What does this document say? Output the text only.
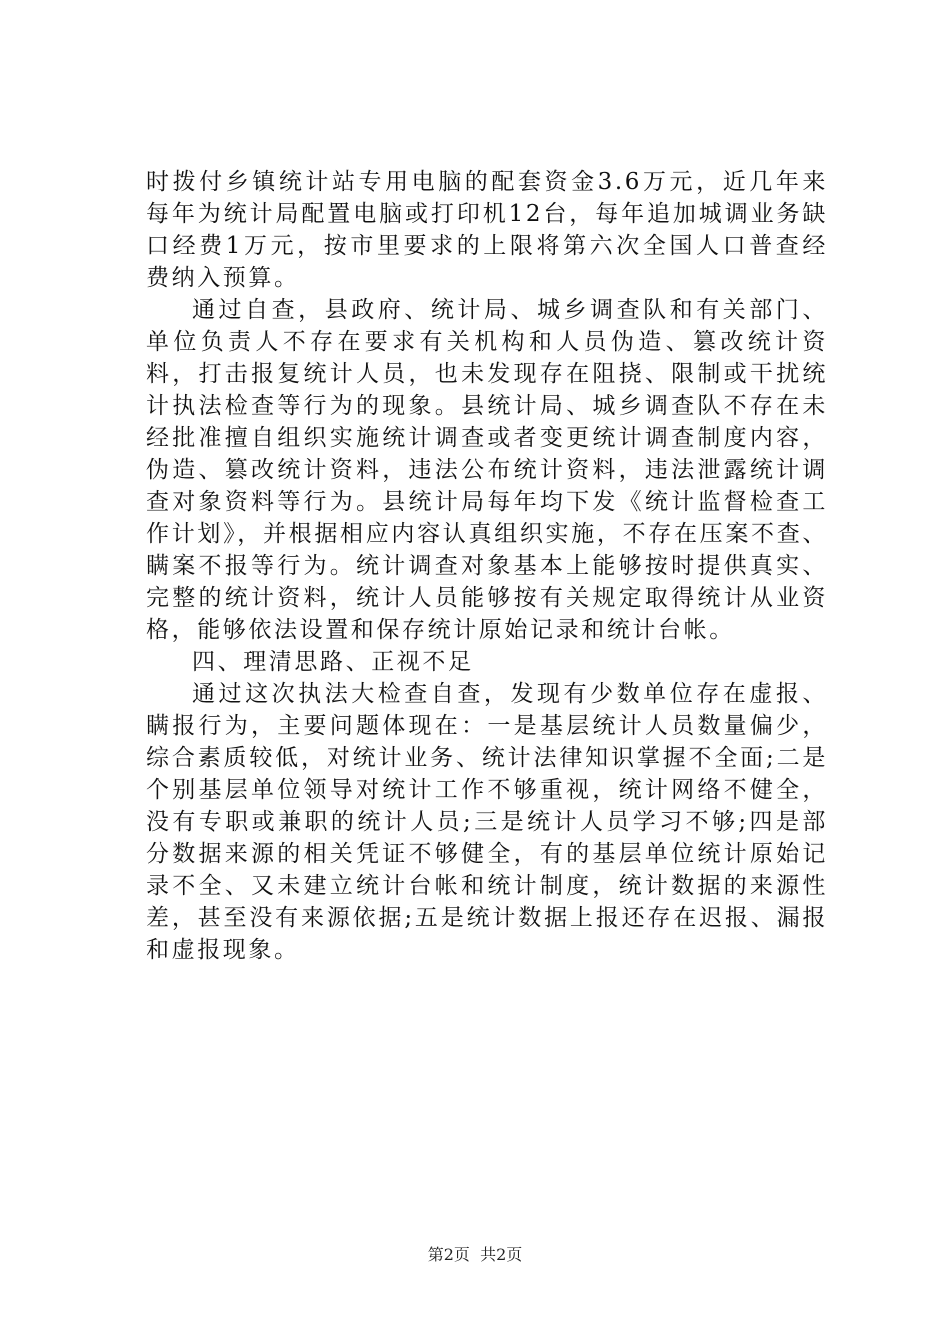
时拨付乡镇统计站专用电脑的配套资金3.6万元，近几年来每年为统计局配置电脑或打印机12台，每年追加城调业务缺口经费1万元，按市里要求的上限将第六次全国人口普查经费纳入预算。

通过自查，县政府、统计局、城乡调查队和有关部门、单位负责人不存在要求有关机构和人员伪造、篡改统计资料，打击报复统计人员，也未发现存在阻挠、限制或干扰统计执法检查等行为的现象。县统计局、城乡调查队不存在未经批准擅自组织实施统计调查或者变更统计调查制度内容，伪造、篡改统计资料，违法公布统计资料，违法泄露统计调查对象资料等行为。县统计局每年均下发《统计监督检查工作计划》，并根据相应内容认真组织实施，不存在压案不查、瞒案不报等行为。统计调查对象基本上能够按时提供真实、完整的统计资料，统计人员能够按有关规定取得统计从业资格，能够依法设置和保存统计原始记录和统计台帐。

四、理清思路、正视不足

通过这次执法大检查自查，发现有少数单位存在虚报、瞒报行为，主要问题体现在：一是基层统计人员数量偏少，综合素质较低，对统计业务、统计法律知识掌握不全面;二是个别基层单位领导对统计工作不够重视，统计网络不健全，没有专职或兼职的统计人员;三是统计人员学习不够;四是部分数据来源的相关凭证不够健全，有的基层单位统计原始记录不全、又未建立统计台帐和统计制度，统计数据的来源性差，甚至没有来源依据;五是统计数据上报还存在迟报、漏报和虚报现象。

第2页 共2页
